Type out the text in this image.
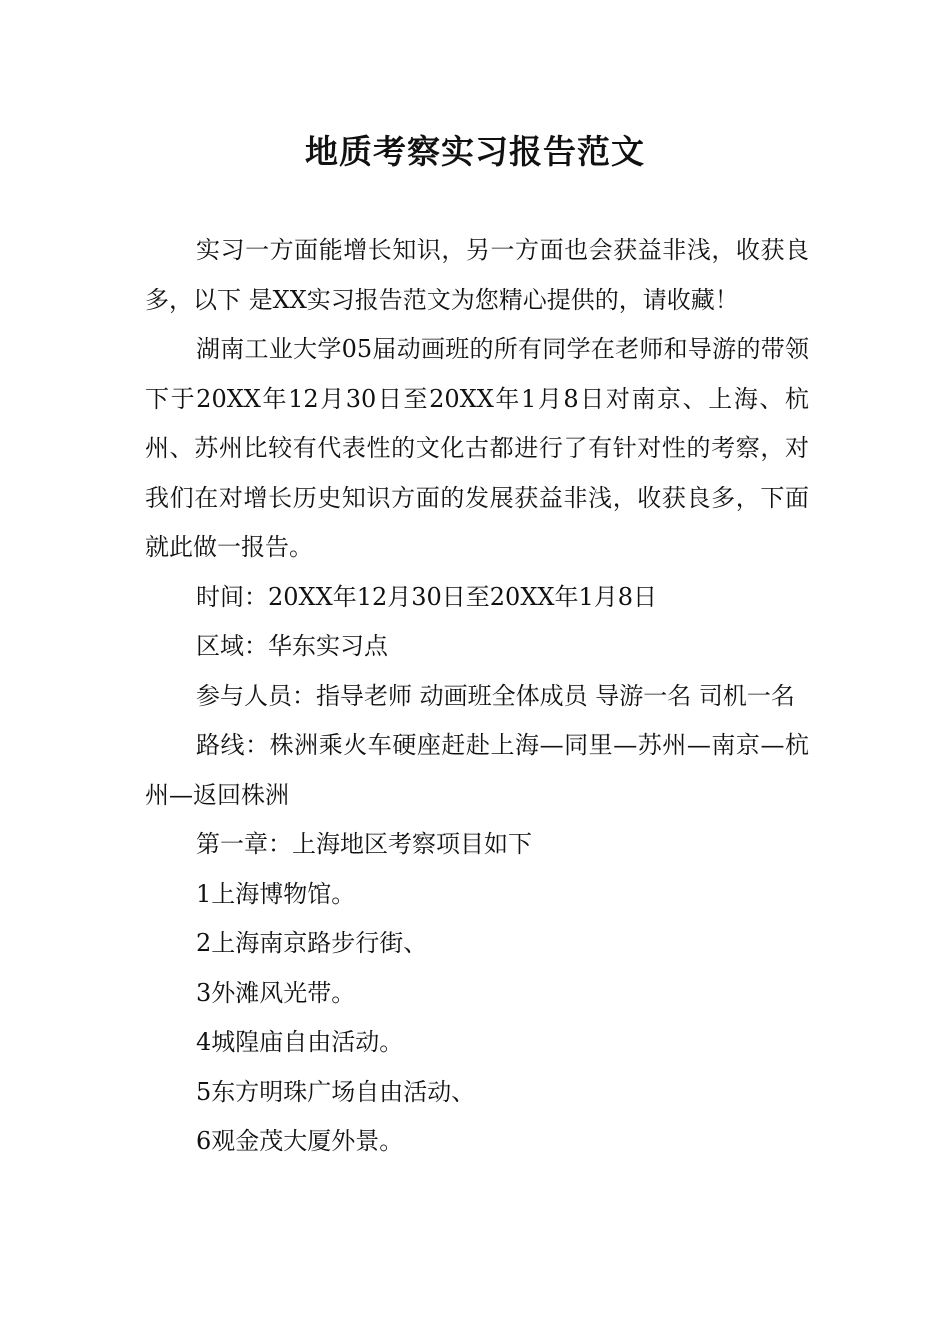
地质考察实习报告范文

实习一方面能增长知识，另一方面也会获益非浅，收获良多，以下 是XX实习报告范文为您精心提供的，请收藏！

湖南工业大学05届动画班的所有同学在老师和导游的带领下于20XX年12月30日至20XX年1月8日对南京、上海、杭州、苏州比较有代表性的文化古都进行了有针对性的考察，对我们在对增长历史知识方面的发展获益非浅，收获良多，下面就此做一报告。

时间：20XX年12月30日至20XX年1月8日

区域：华东实习点

参与人员：指导老师 动画班全体成员 导游一名 司机一名

路线：株洲乘火车硬座赶赴上海—同里—苏州—南京—杭州—返回株洲

第一章：上海地区考察项目如下

1上海博物馆。

2上海南京路步行街、

3外滩风光带。

4城隍庙自由活动。

5东方明珠广场自由活动、

6观金茂大厦外景。
